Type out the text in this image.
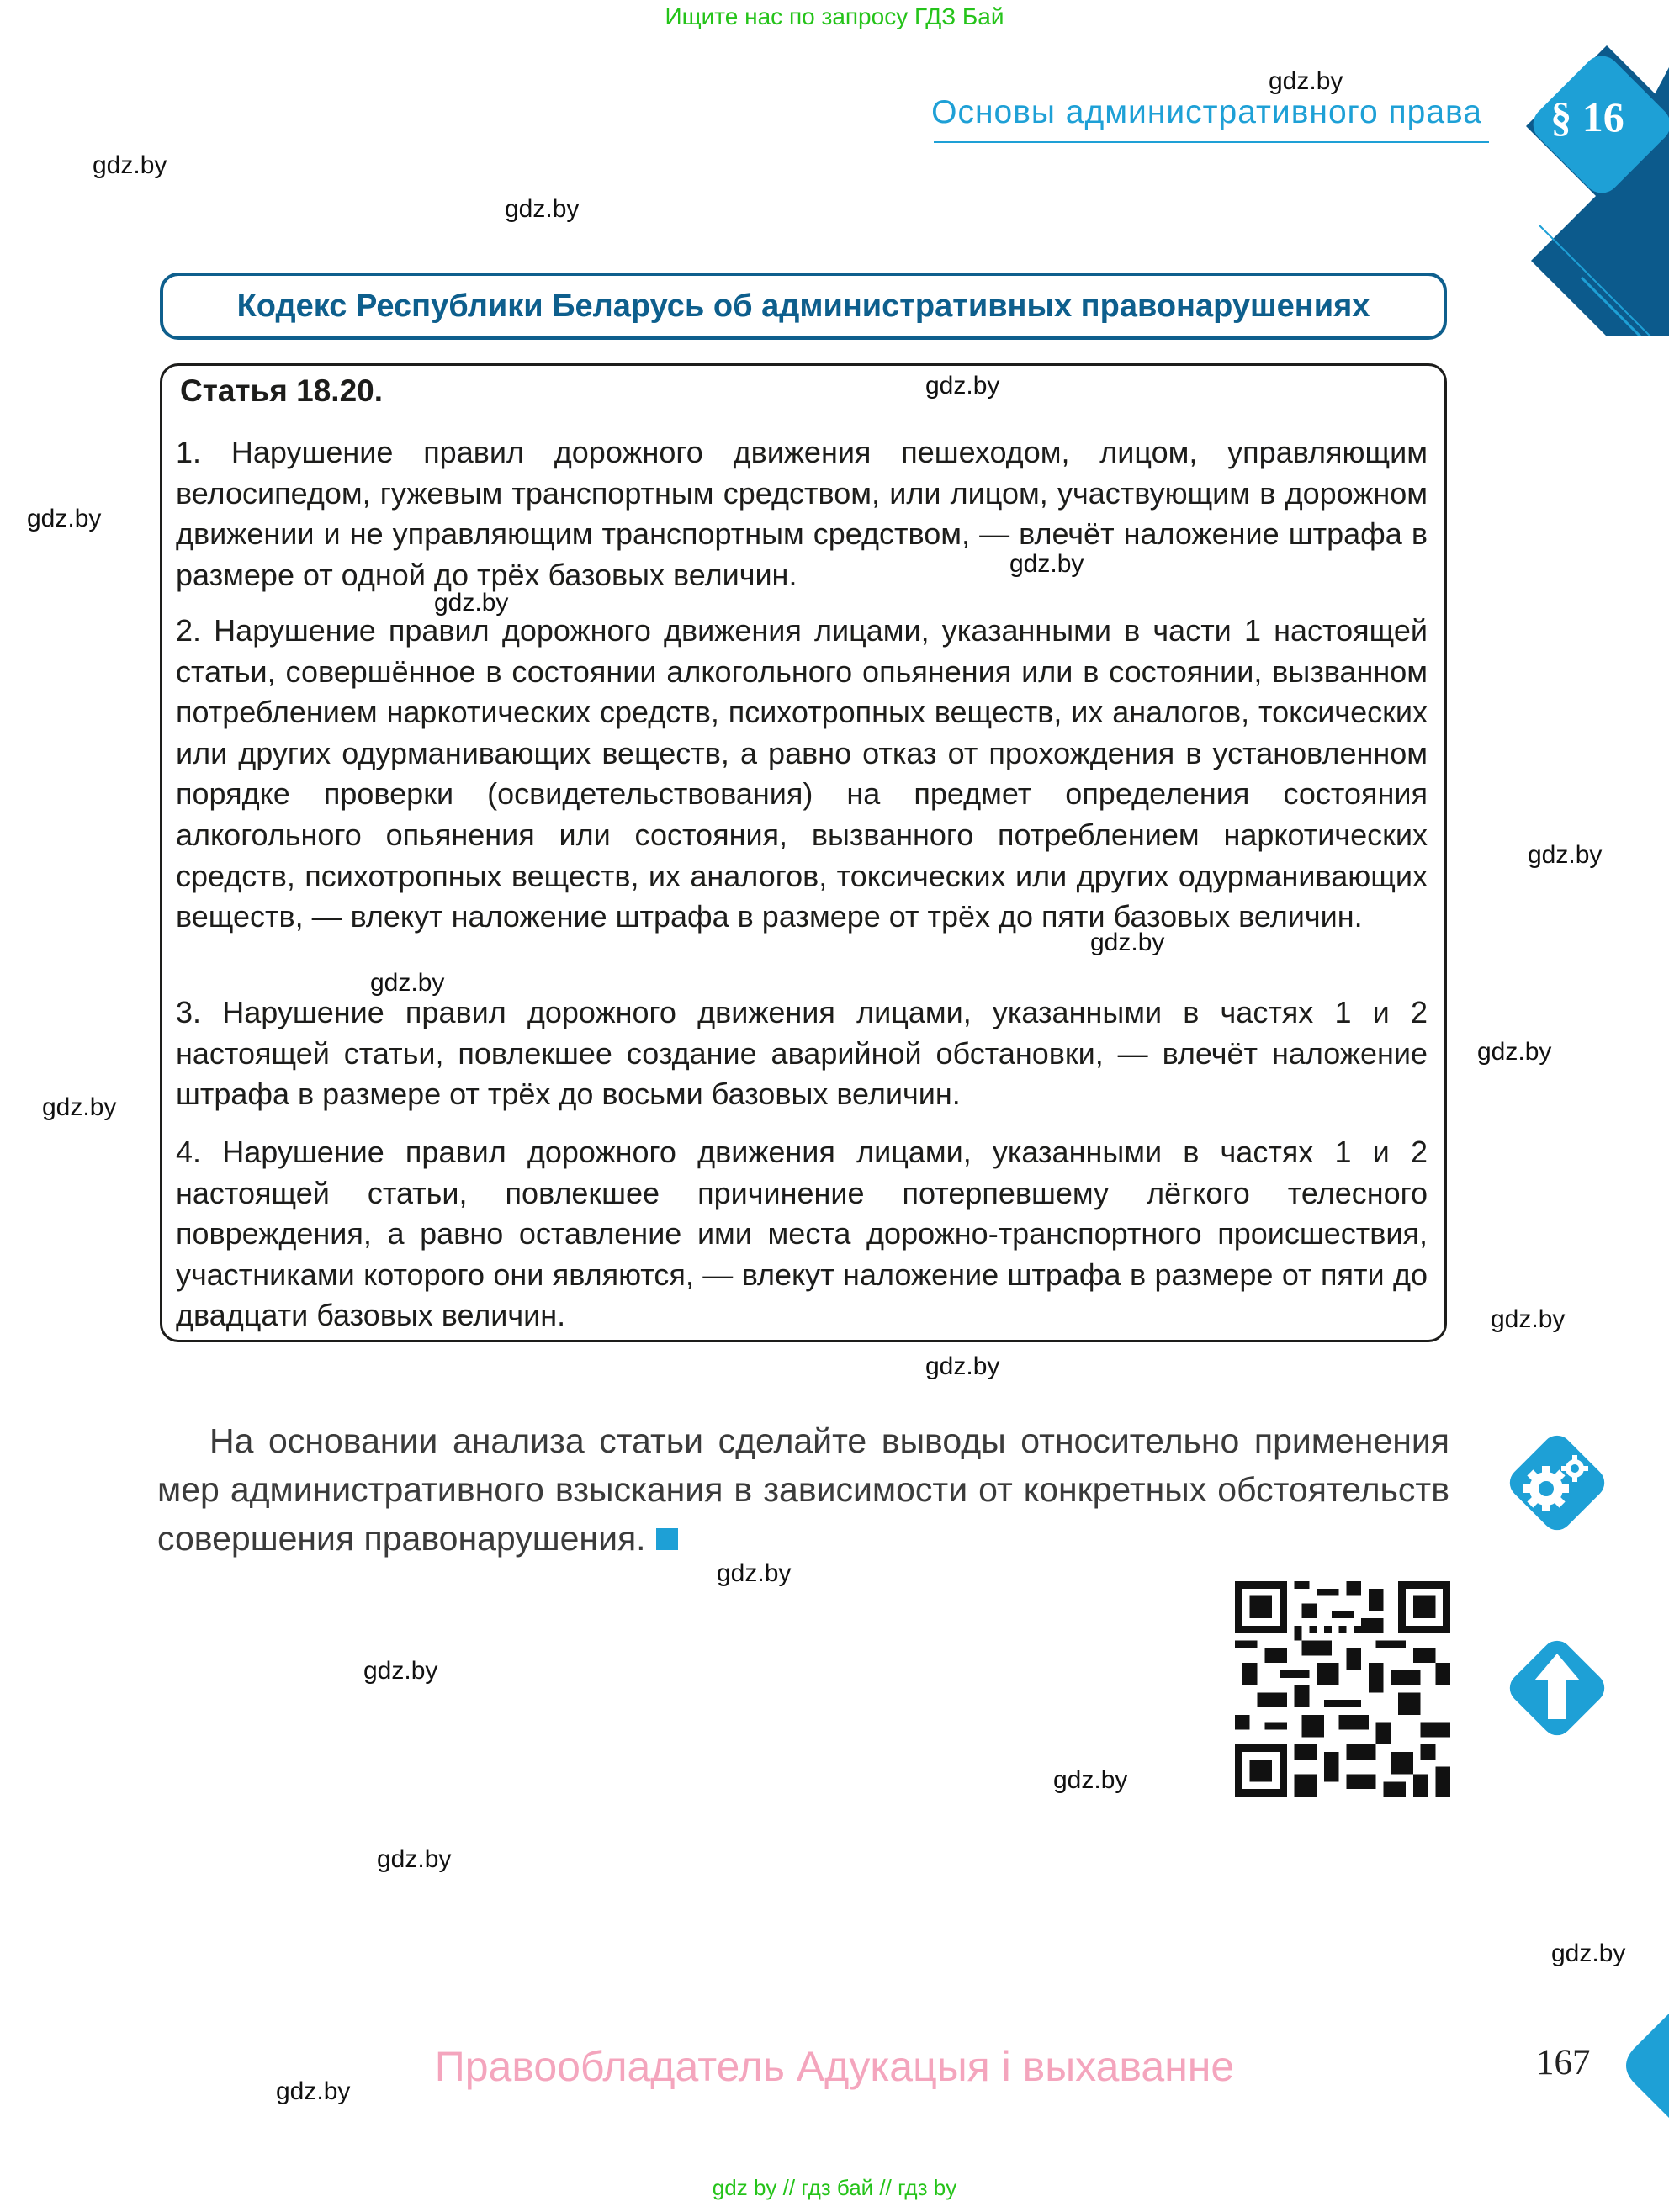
Ищите нас по запросу ГДЗ Бай
§ 16
Основы административного права
Кодекс Республики Беларусь об административных правонарушениях
Статья 18.20.
1. Нарушение правил дорожного движения пешеходом, лицом, управляющим велосипедом, гужевым транспортным средством, или лицом, участвующим в дорожном движении и не управляющим транспортным средством, — влечёт наложение штрафа в размере от одной до трёх базовых величин.
2. Нарушение правил дорожного движения лицами, указанными в части 1 настоящей статьи, совершённое в состоянии алкогольного опьянения или в состоянии, вызванном потреблением наркотических средств, психотропных веществ, их аналогов, токсических или других одурманивающих веществ, а равно отказ от прохождения в установленном порядке проверки (освидетельствования) на предмет определения состояния алкогольного опьянения или состояния, вызванного потреблением наркотических средств, психотропных веществ, их аналогов, токсических или других одурманивающих веществ, — влекут наложение штрафа в размере от трёх до пяти базовых величин.
3. Нарушение правил дорожного движения лицами, указанными в частях 1 и 2 настоящей статьи, повлекшее создание аварийной обстановки, — влечёт наложение штрафа в размере от трёх до восьми базовых величин.
4. Нарушение правил дорожного движения лицами, указанными в частях 1 и 2 настоящей статьи, повлекшее причинение потерпевшему лёгкого телесного повреждения, а равно оставление ими места дорожно-транспортного происшествия, участниками которого они являются, — влекут наложение штрафа в размере от пяти до двадцати базовых величин.
На основании анализа статьи сделайте выводы относительно применения мер административного взыскания в зависимости от конкретных обстоятельств совершения правонарушения.
gdz.by
gdz.by
gdz.by
gdz.by
gdz.by
gdz.by
gdz.by
gdz.by
gdz.by
gdz.by
gdz.by
gdz.by
gdz.by
gdz.by
gdz.by
gdz.by
gdz.by
gdz.by
gdz.by
gdz.by
Правообладатель Адукацыя і выхаванне	167
gdz by // гдз бай // гдз by
